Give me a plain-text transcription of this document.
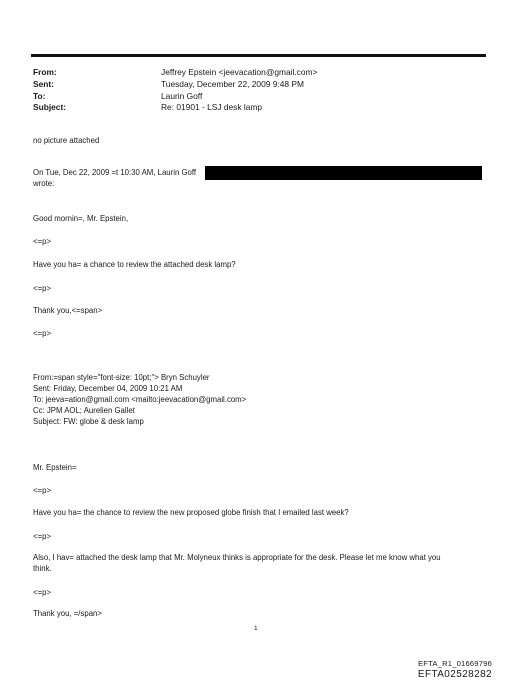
From:
Sent:
To:
Subject:
Jeffrey Epstein <jeevacation@gmail.com>
Tuesday, December 22, 2009 9:48 PM
Laurin Goff
Re: 01901 - LSJ desk lamp
no picture attached
On Tue, Dec 22, 2009 =t 10:30 AM, Laurin Goff
wrote:
Good mornin=, Mr. Epstein,
<=p>
Have you ha= a chance to review the attached desk lamp?
<=p>
Thank you,<=span>
<=p>
From:=span style="font-size: 10pt;"> Bryn Schuyler
Sent: Friday, December 04, 2009 10:21 AM
To: jeeva=ation@gmail.com <mailto:jeevacation@gmail.com>
Cc: JPM AOL; Aurelien Gallet
Subject: FW: globe & desk lamp
Mr. Epstein=
<=p>
Have you ha= the chance to review the new proposed globe finish that I emailed last week?
<=p>
Also, I hav= attached the desk lamp that Mr. Molyneux thinks is appropriate for the desk. Please let me know what you
think.
<=p>
Thank you, =/span>
1
EFTA_R1_01669796
EFTA02528282
